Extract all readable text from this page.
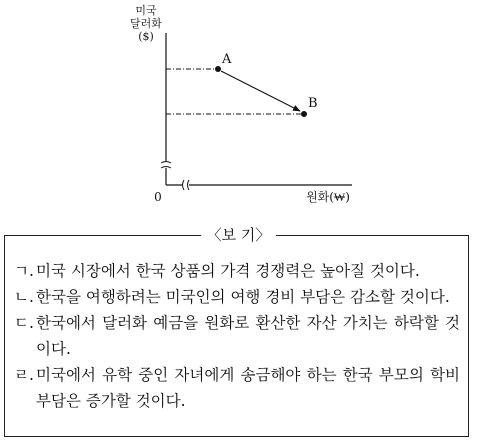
미국
달러화
($)
원화(₩)
0
A
B
〈보 기〉
ㄱ. 미국 시장에서 한국 상품의 가격 경쟁력은 높아질 것이다.
ㄴ. 한국을 여행하려는 미국인의 여행 경비 부담은 감소할 것이다.
ㄷ. 한국에서 달러화 예금을 원화로 환산한 자산 가치는 하락할 것이다.
ㄹ. 미국에서 유학 중인 자녀에게 송금해야 하는 한국 부모의 학비 부담은 증가할 것이다.
